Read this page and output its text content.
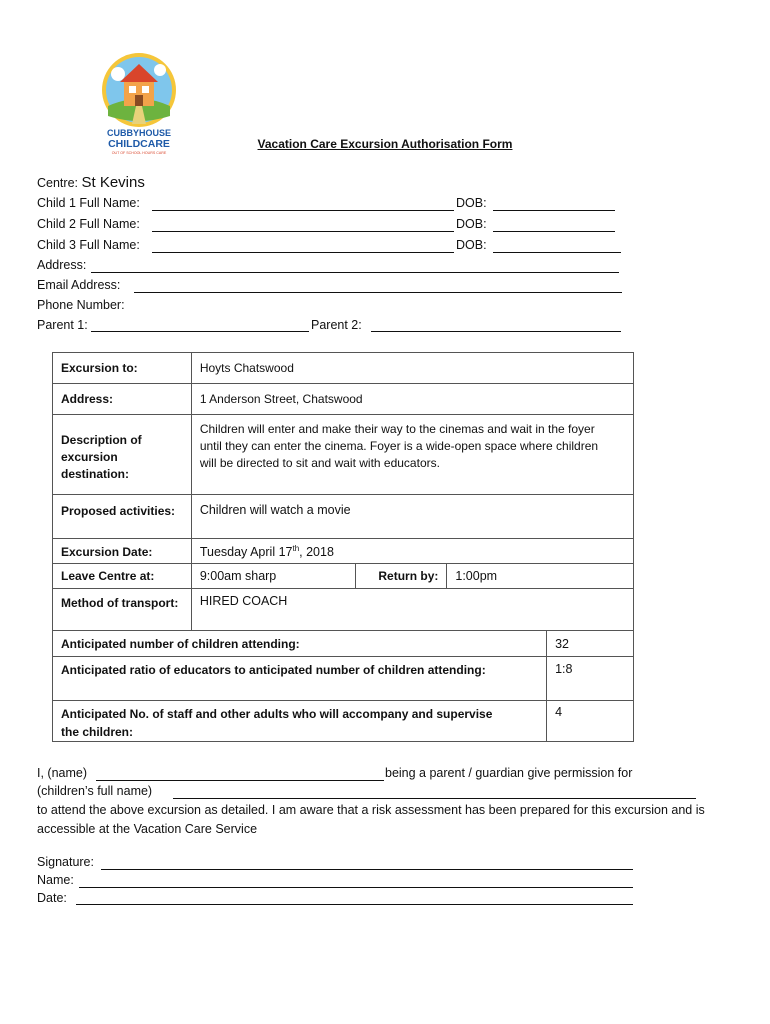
CUBBYHOUSE
CHILDCARE
OUT OF SCHOOL HOURS CARE
Vacation Care Excursion Authorisation Form
Centre: St Kevins
Child 1 Full Name:	DOB:
Child 2 Full Name:	DOB:
Child 3 Full Name:	DOB:
Address:
Email Address:
Phone Number:
Parent 1:	Parent 2:
Excursion to:	Hoyts Chatswood			
Address:	1 Anderson Street, Chatswood			
Description of excursion destination:	Children will enter and make their way to the cinemas and wait in the foyer until they can enter the cinema. Foyer is a wide-open space where children will be directed to sit and wait with educators.			
Proposed activities:	Children will watch a movie			
Excursion Date:	Tuesday April 17th, 2018			
Leave Centre at:	9:00am sharp	Return by:	1:00pm	
Method of transport:	HIRED COACH			
Anticipated number of children attending:				32
Anticipated ratio of educators to anticipated number of children attending:				1:8
Anticipated No. of staff and other adults who will accompany and supervise the children:				4
I, (name)	being a parent / guardian give permission for
(children’s full name)
to attend the above excursion as detailed. I am aware that a risk assessment has been prepared for this excursion and is accessible at the Vacation Care Service
Signature:
Name:
Date:
